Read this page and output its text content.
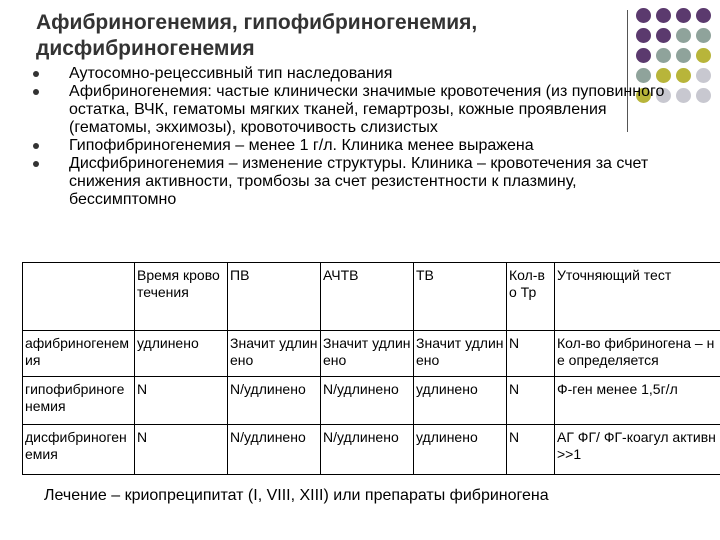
Афибриногенемия, гипофибриногенемия, дисфибриногенемия
Аутосомно-рецессивный тип наследования
Афибриногенемия: частые клинически значимые кровотечения (из пуповинного остатка, ВЧК, гематомы мягких тканей, гемартрозы, кожные проявления (гематомы, экхимозы), кровоточивость слизистых
Гипофибриногенемия – менее 1 г/л. Клиника менее выражена
Дисфибриногенемия – изменение структуры. Клиника – кровотечения за счет снижения активности, тромбозы за счет резистентности к плазмину, бессимптомно
	Время кровотечения	ПВ	АЧТВ	ТВ	Кол-во Тр	Уточняющий тест
афибриногенемия	удлинено	Значит удлинено	Значит удлинено	Значит удлинено	N	Кол-во фибриногена – не определяется
гипофибриногенемия	N	N/удлинено	N/удлинено	удлинено	N	Ф-ген менее 1,5г/л
дисфибриногенемия	N	N/удлинено	N/удлинено	удлинено	N	АГ ФГ/ ФГ-коагул активн>>1
Лечение – криопреципитат (I, VIII, XIII) или препараты фибриногена
